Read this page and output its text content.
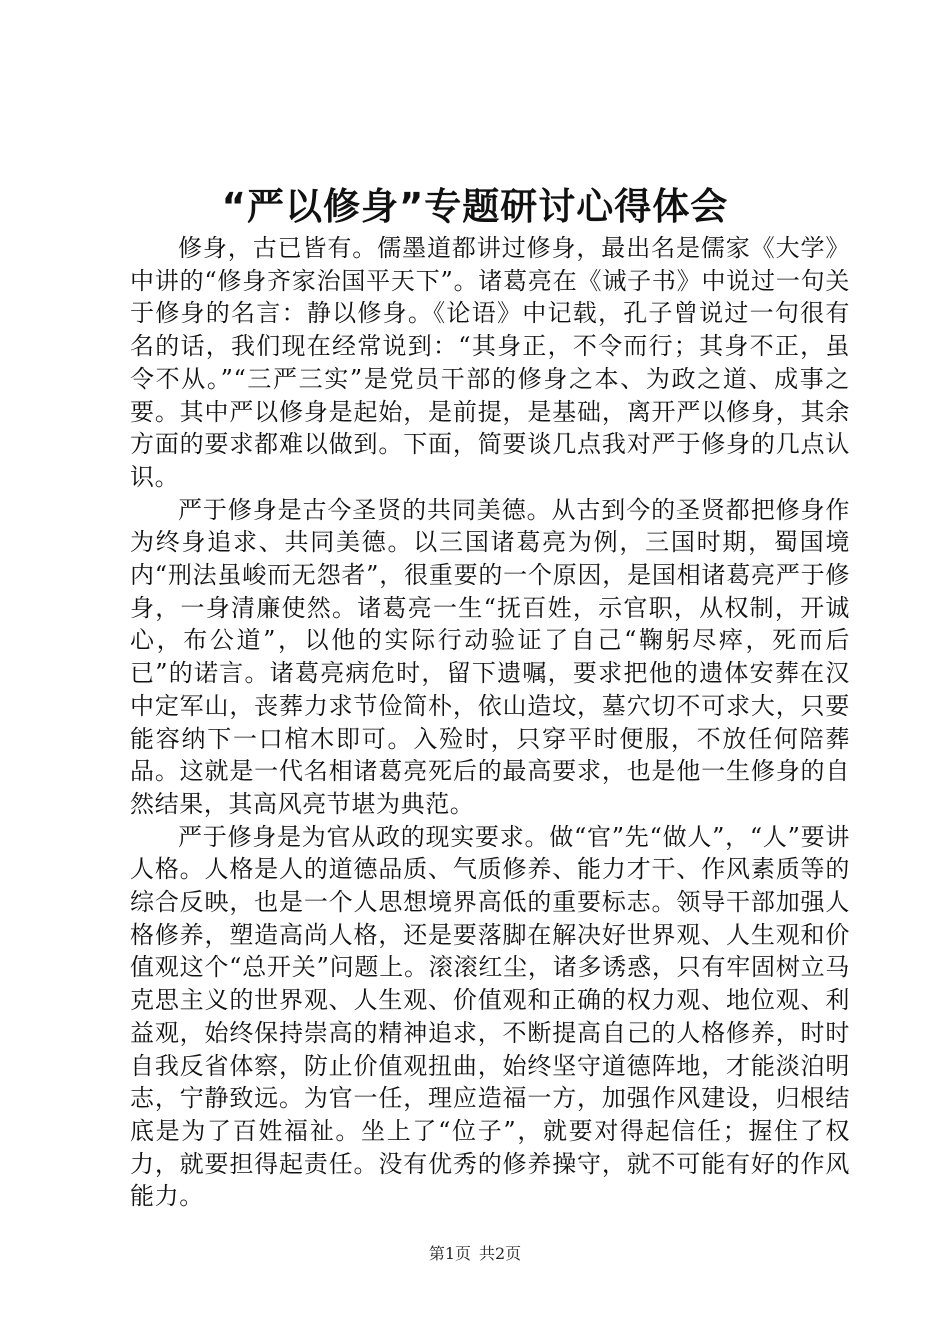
“严以修身”专题研讨心得体会

修身，古已皆有。儒墨道都讲过修身，最出名是儒家《大学》中讲的“修身齐家治国平天下”。诸葛亮在《诫子书》中说过一句关于修身的名言：静以修身。《论语》中记载，孔子曾说过一句很有名的话，我们现在经常说到：“其身正，不令而行；其身不正，虽令不从。”“三严三实”是党员干部的修身之本、为政之道、成事之要。其中严以修身是起始，是前提，是基础，离开严以修身，其余方面的要求都难以做到。下面，简要谈几点我对严于修身的几点认识。

严于修身是古今圣贤的共同美德。从古到今的圣贤都把修身作为终身追求、共同美德。以三国诸葛亮为例，三国时期，蜀国境内“刑法虽峻而无怨者”，很重要的一个原因，是国相诸葛亮严于修身，一身清廉使然。诸葛亮一生“抚百姓，示官职，从权制，开诚心，布公道”，以他的实际行动验证了自己“鞠躬尽瘁，死而后已”的诺言。诸葛亮病危时，留下遗嘱，要求把他的遗体安葬在汉中定军山，丧葬力求节俭简朴，依山造坟，墓穴切不可求大，只要能容纳下一口棺木即可。入殓时，只穿平时便服，不放任何陪葬品。这就是一代名相诸葛亮死后的最高要求，也是他一生修身的自然结果，其高风亮节堪为典范。

严于修身是为官从政的现实要求。做“官”先“做人”，“人”要讲人格。人格是人的道德品质、气质修养、能力才干、作风素质等的综合反映，也是一个人思想境界高低的重要标志。领导干部加强人格修养，塑造高尚人格，还是要落脚在解决好世界观、人生观和价值观这个“总开关”问题上。滚滚红尘，诸多诱惑，只有牢固树立马克思主义的世界观、人生观、价值观和正确的权力观、地位观、利益观，始终保持崇高的精神追求，不断提高自己的人格修养，时时自我反省体察，防止价值观扭曲，始终坚守道德阵地，才能淡泊明志，宁静致远。为官一任，理应造福一方，加强作风建设，归根结底是为了百姓福祉。坐上了“位子”，就要对得起信任；握住了权力，就要担得起责任。没有优秀的修养操守，就不可能有好的作风能力。

第1页 共2页
